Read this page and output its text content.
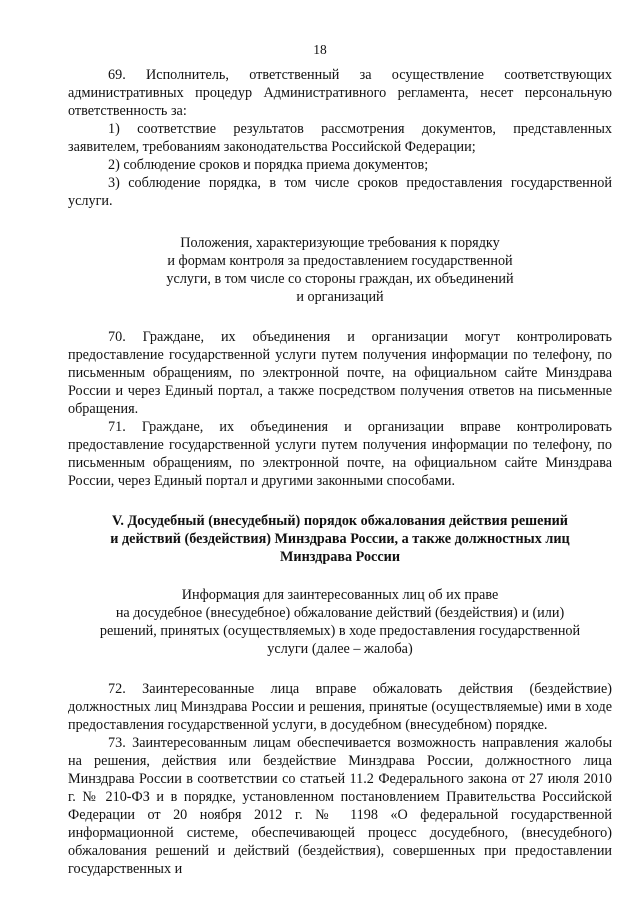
18

69. Исполнитель, ответственный за осуществление соответствующих административных процедур Административного регламента, несет персональную ответственность за:

1) соответствие результатов рассмотрения документов, представленных заявителем, требованиям законодательства Российской Федерации;

2) соблюдение сроков и порядка приема документов;

3) соблюдение порядка, в том числе сроков предоставления государственной услуги.

Положения, характеризующие требования к порядку
и формам контроля за предоставлением государственной
услуги, в том числе со стороны граждан, их объединений
и организаций

70. Граждане, их объединения и организации могут контролировать предоставление государственной услуги путем получения информации по телефону, по письменным обращениям, по электронной почте, на официальном сайте Минздрава России и через Единый портал, а также посредством получения ответов на письменные обращения.

71. Граждане, их объединения и организации вправе контролировать предоставление государственной услуги путем получения информации по телефону, по письменным обращениям, по электронной почте, на официальном сайте Минздрава России, через Единый портал и другими законными способами.

V. Досудебный (внесудебный) порядок обжалования действия решений
и действий (бездействия) Минздрава России, а также должностных лиц
Минздрава России
Информация для заинтересованных лиц об их праве
на досудебное (внесудебное) обжалование действий (бездействия) и (или)
решений, принятых (осуществляемых) в ходе предоставления государственной
услуги (далее – жалоба)

72. Заинтересованные лица вправе обжаловать действия (бездействие) должностных лиц Минздрава России и решения, принятые (осуществляемые) ими в ходе предоставления государственной услуги, в досудебном (внесудебном) порядке.

73. Заинтересованным лицам обеспечивается возможность направления жалобы на решения, действия или бездействие Минздрава России, должностного лица Минздрава России в соответствии со статьей 11.2 Федерального закона от 27 июля 2010 г. № 210-ФЗ и в порядке, установленном постановлением Правительства Российской Федерации от 20 ноября 2012 г. № 1198 «О федеральной государственной информационной системе, обеспечивающей процесс досудебного, (внесудебного) обжалования решений и действий (бездействия), совершенных при предоставлении государственных и
